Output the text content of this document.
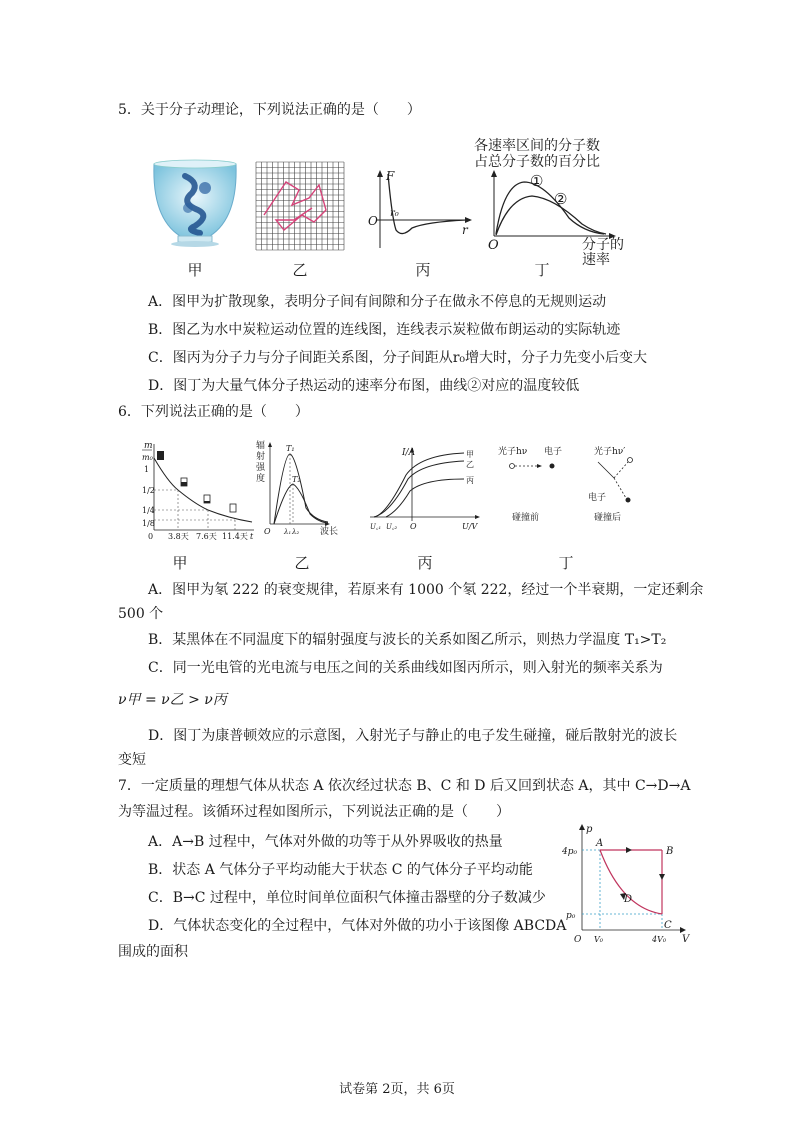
5．关于分子动理论，下列说法正确的是（　　）
甲	乙
F
O
r₀
r
丙
各速率区间的分子数
占总分子数的百分比
①
②
O	分子的
速率
丁
A．图甲为扩散现象，表明分子间有间隙和分子在做永不停息的无规则运动
B．图乙为水中炭粒运动位置的连线图，连线表示炭粒做布朗运动的实际轨迹
C．图丙为分子力与分子间距关系图，分子间距从r₀增大时，分子力先变小后变大
D．图丁为大量气体分子热运动的速率分布图，曲线②对应的温度较低
6．下列说法正确的是（　　）
m
m₀
1
1/2
1/4
1/8
0 3.8天 7.6天 11.4天 t
甲
辐
射
强
度
T₁
T₂
O λ₁ λ₂ 波长
乙
I/A	甲
乙
丙
U꜀₁ U꜀₂ O	U/V
丙
光子hν 电子	光子hν′
电子
碰撞前	碰撞后
丁
A．图甲为氡 222 的衰变规律，若原来有 1000 个氡 222，经过一个半衰期，一定还剩余
500 个
B．某黑体在不同温度下的辐射强度与波长的关系如图乙所示，则热力学温度 T₁>T₂
C．同一光电管的光电流与电压之间的关系曲线如图丙所示，则入射光的频率关系为
ν甲 = ν乙 > ν丙
D．图丁为康普顿效应的示意图，入射光子与静止的电子发生碰撞，碰后散射光的波长
变短
7．一定质量的理想气体从状态 A 依次经过状态 B、C 和 D 后又回到状态 A，其中 C→D→A
为等温过程。该循环过程如图所示，下列说法正确的是（　　）
A．A→B 过程中，气体对外做的功等于从外界吸收的热量
B．状态 A 气体分子平均动能大于状态 C 的气体分子平均动能
C．B→C 过程中，单位时间单位面积气体撞击器壁的分子数减少
D．气体状态变化的全过程中，气体对外做的功小于该图像 ABCDA
围成的面积
p
4p₀
p₀
O V₀	4V₀ V
A
B
C
D
试卷第 2页，共 6页
